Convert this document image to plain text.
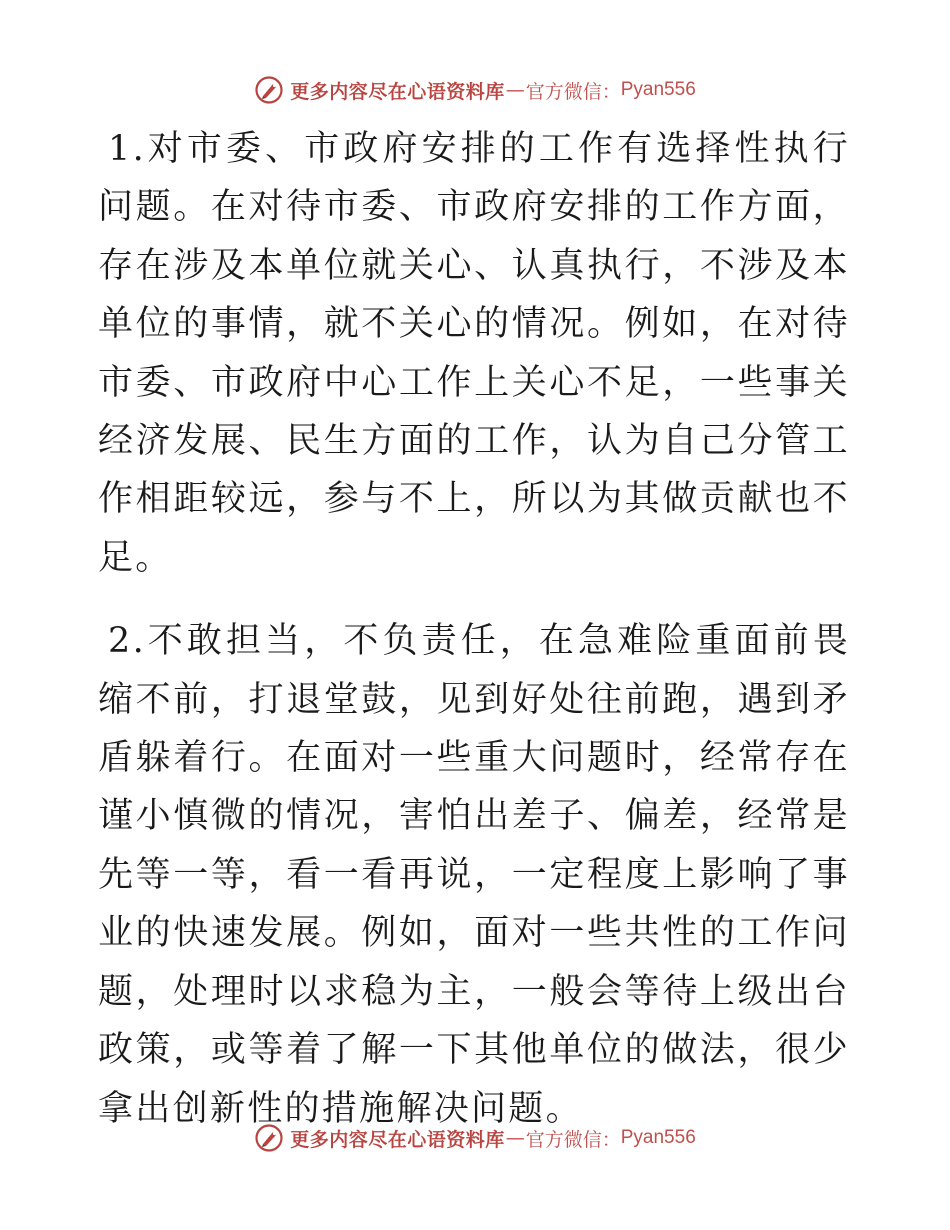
更多内容尽在心语资料库 — 官方微信： Pyan556

1.对市委、市政府安排的工作有选择性执行问题。在对待市委、市政府安排的工作方面，存在涉及本单位就关心、认真执行，不涉及本单位的事情，就不关心的情况。例如，在对待市委、市政府中心工作上关心不足，一些事关经济发展、民生方面的工作，认为自己分管工作相距较远，参与不上，所以为其做贡献也不足。

2.不敢担当，不负责任，在急难险重面前畏缩不前，打退堂鼓，见到好处往前跑，遇到矛盾躲着行。在面对一些重大问题时，经常存在谨小慎微的情况，害怕出差子、偏差，经常是先等一等，看一看再说，一定程度上影响了事业的快速发展。例如，面对一些共性的工作问题，处理时以求稳为主，一般会等待上级出台政策，或等着了解一下其他单位的做法，很少拿出创新性的措施解决问题。

更多内容尽在心语资料库 — 官方微信： Pyan556
